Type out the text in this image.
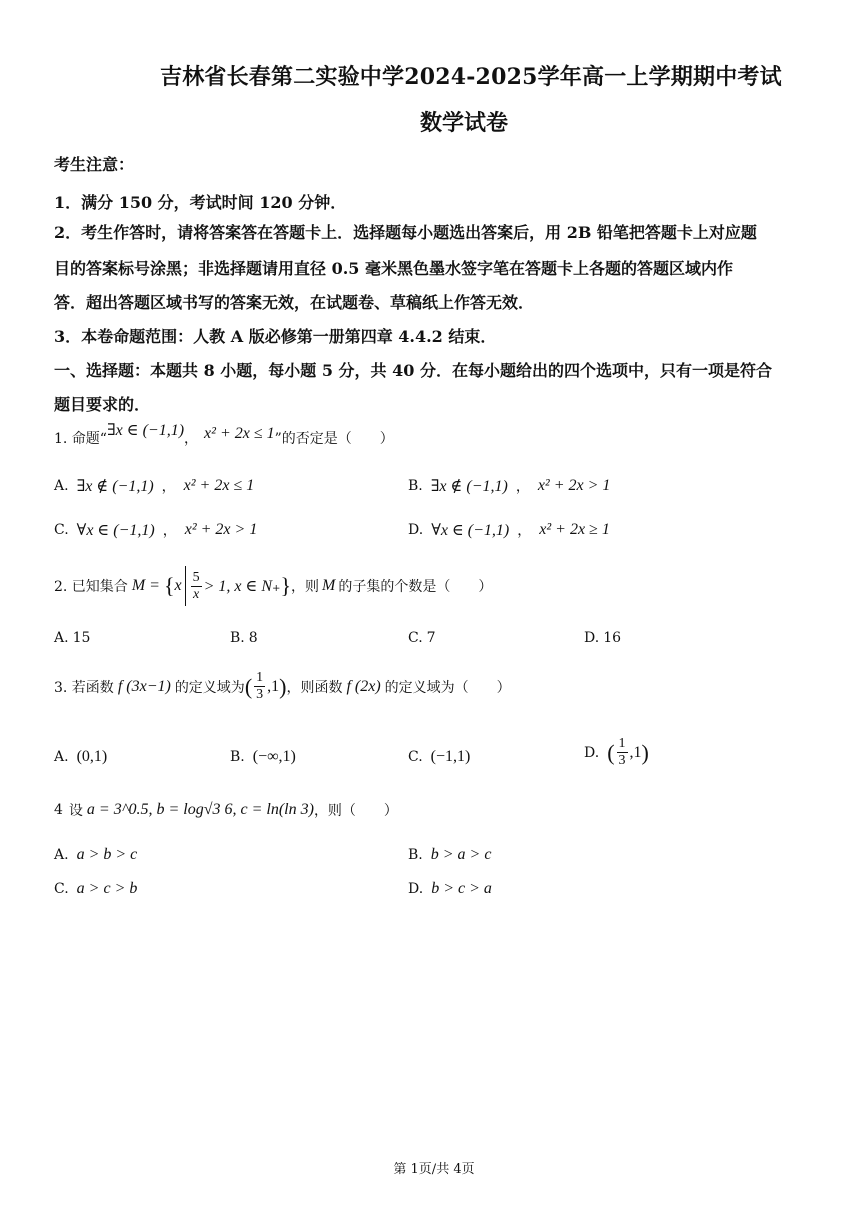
吉林省长春第二实验中学2024-2025学年高一上学期期中考试
数学试卷
考生注意：
1．满分 150 分，考试时间 120 分钟．
2．考生作答时，请将答案答在答题卡上．选择题每小题选出答案后，用 2B 铅笔把答题卡上对应题
目的答案标号涂黑；非选择题请用直径 0.5 毫米黑色墨水签字笔在答题卡上各题的答题区域内作
答．超出答题区域书写的答案无效，在试题卷、草稿纸上作答无效．
3．本卷命题范围：人教 A 版必修第一册第四章 4.4.2 结束．
一、选择题：本题共 8 小题，每小题 5 分，共 40 分．在每小题给出的四个选项中，只有一项是符合
题目要求的．
1. 命题“ ∃x ∈ (−1,1) ， x² + 2x ≤ 1 ”的否定是（　　）
A. ∃x ∉ (−1,1) ， x² + 2x ≤ 1	B. ∃x ∉ (−1,1) ， x² + 2x > 1
C. ∀x ∈ (−1,1) ， x² + 2x > 1	D. ∀x ∈ (−1,1) ， x² + 2x ≥ 1
2. 已知集合 M = { x $\frac{5}{x} > 1$, x ∈ N₊ } ，则 M 的子集的个数是（　　）
A. 15	B. 8	C. 7	D. 16
3. 若函数 f (3x−1) 的定义域为 ( $\frac{1}{3} ,1$ ) ，则函数 f (2x) 的定义域为（　　）
A. (0,1)	B. (−∞,1)	C. (−1,1)	D. ( $\frac{1}{3} ,1$ )
4 设 a = 3^0.5, b = log√3 6, c = ln(ln 3) ，则（　　）
A. a > b > c	B. b > a > c
C. a > c > b	D. b > c > a
第 1页/共 4页
